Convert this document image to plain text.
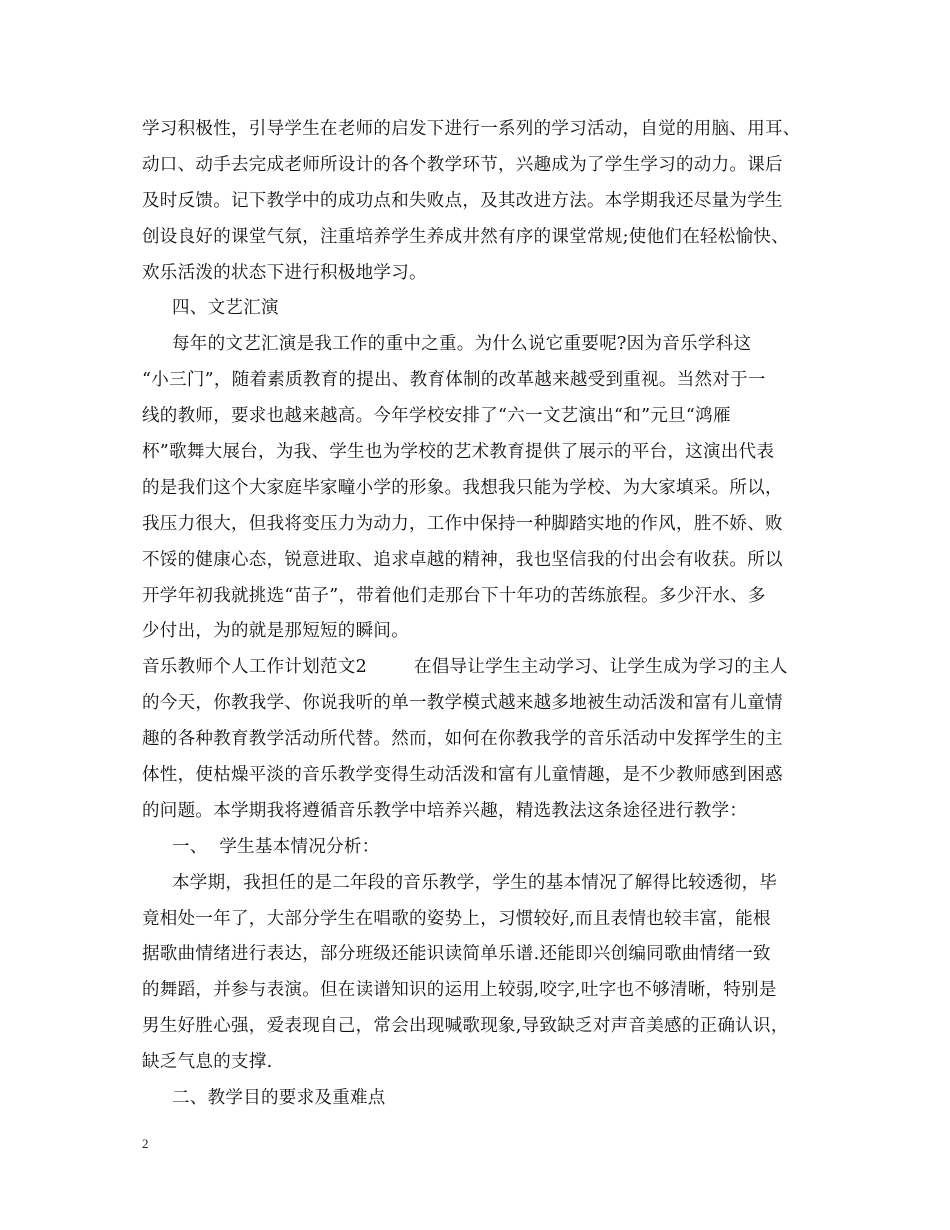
学习积极性，引导学生在老师的启发下进行一系列的学习活动，自觉的用脑、用耳、
动口、动手去完成老师所设计的各个教学环节，兴趣成为了学生学习的动力。课后
及时反馈。记下教学中的成功点和失败点，及其改进方法。本学期我还尽量为学生
创设良好的课堂气氛，注重培养学生养成井然有序的课堂常规;使他们在轻松愉快、
欢乐活泼的状态下进行积极地学习。
四、文艺汇演
每年的文艺汇演是我工作的重中之重。为什么说它重要呢?因为音乐学科这
“小三门”，随着素质教育的提出、教育体制的改革越来越受到重视。当然对于一
线的教师，要求也越来越高。今年学校安排了“六一文艺演出“和”元旦“鸿雁
杯”歌舞大展台，为我、学生也为学校的艺术教育提供了展示的平台，这演出代表
的是我们这个大家庭毕家疃小学的形象。我想我只能为学校、为大家填采。所以，
我压力很大，但我将变压力为动力，工作中保持一种脚踏实地的作风，胜不娇、败
不馁的健康心态，锐意进取、追求卓越的精神，我也坚信我的付出会有收获。所以
开学年初我就挑选“苗子”，带着他们走那台下十年功的苦练旅程。多少汗水、多
少付出，为的就是那短短的瞬间。
音乐教师个人工作计划范文2        在倡导让学生主动学习、让学生成为学习的主人
的今天，你教我学、你说我听的单一教学模式越来越多地被生动活泼和富有儿童情
趣的各种教育教学活动所代替。然而，如何在你教我学的音乐活动中发挥学生的主
体性，使枯燥平淡的音乐教学变得生动活泼和富有儿童情趣，是不少教师感到困惑
的问题。本学期我将遵循音乐教学中培养兴趣，精选教法这条途径进行教学：
一、  学生基本情况分析：
本学期，我担任的是二年段的音乐教学，学生的基本情况了解得比较透彻，毕
竟相处一年了，大部分学生在唱歌的姿势上，习惯较好,而且表情也较丰富，能根
据歌曲情绪进行表达，部分班级还能识读简单乐谱.还能即兴创编同歌曲情绪一致
的舞蹈，并参与表演。但在读谱知识的运用上较弱,咬字,吐字也不够清晰，特别是
男生好胜心强，爱表现自己，常会出现喊歌现象,导致缺乏对声音美感的正确认识，
缺乏气息的支撑.
二、教学目的要求及重难点
2
